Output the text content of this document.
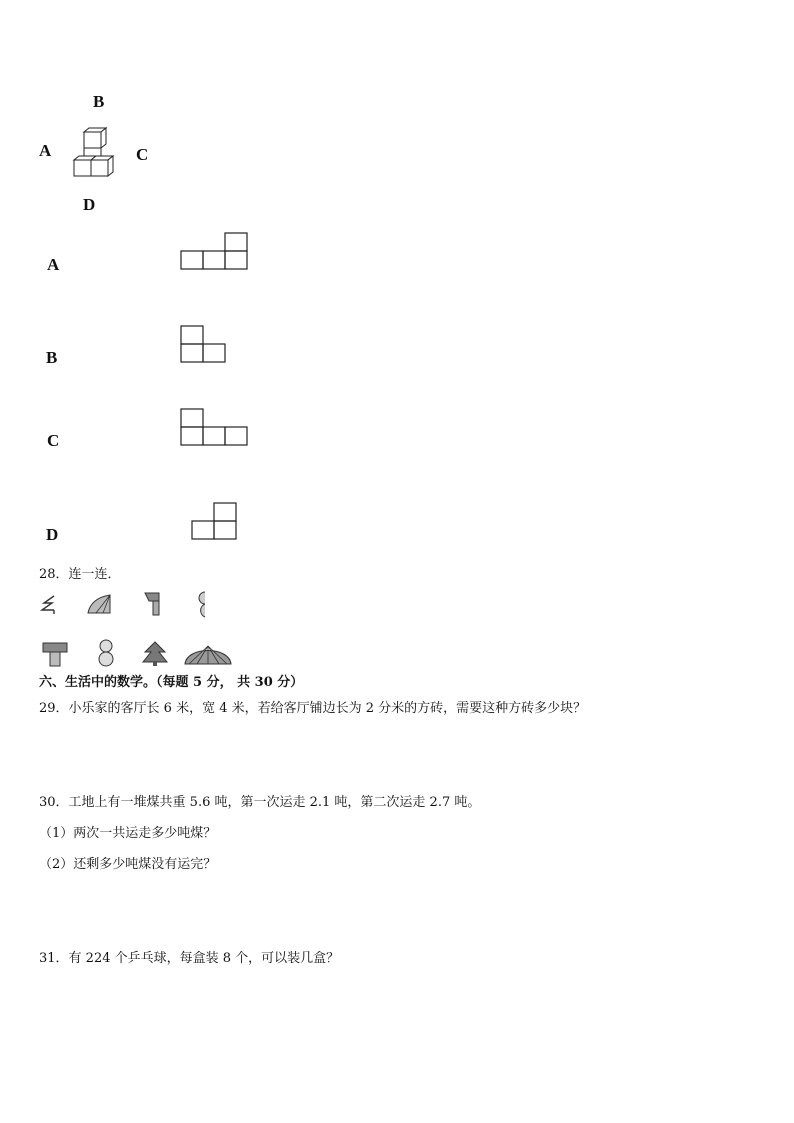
B
A	C
D
A
B
C
D
28．连一连．
六、生活中的数学。（每题 5 分， 共 30 分）
29．小乐家的客厅长 6 米，宽 4 米，若给客厅铺边长为 2 分米的方砖，需要这种方砖多少块？
30．工地上有一堆煤共重 5.6 吨，第一次运走 2.1 吨，第二次运走 2.7 吨。
（1）两次一共运走多少吨煤？
（2）还剩多少吨煤没有运完？
31．有 224 个乒乓球，每盒装 8 个，可以装几盒？
